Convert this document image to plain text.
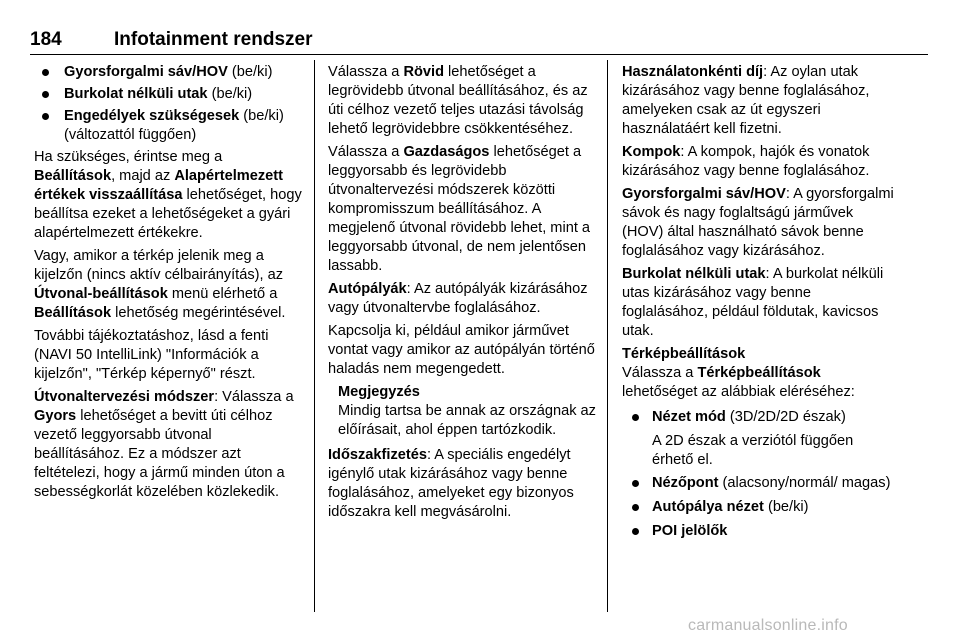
184	Infotainment rendszer
Gyorsforgalmi sáv/HOV (be/ki)
Burkolat nélküli utak (be/ki)
Engedélyek szükségesek (be/ki) (változattól függően)

Ha szükséges, érintse meg a Beállítások, majd az Alapértelmezett értékek visszaállítása lehetőséget, hogy beállítsa ezeket a lehetőségeket a gyári alapértelmezett értékekre.

Vagy, amikor a térkép jelenik meg a kijelzőn (nincs aktív célbairányítás), az Útvonal-beállítások menü elérhető a Beállítások lehetőség megérintésével.

További tájékoztatáshoz, lásd a fenti (NAVI 50 IntelliLink) "Információk a kijelzőn", "Térkép képernyő" részt.

Útvonaltervezési módszer: Válassza a Gyors lehetőséget a bevitt úti célhoz vezető leggyorsabb útvonal beállításához. Ez a módszer azt feltételezi, hogy a jármű minden úton a sebességkorlát közelében közlekedik.

Válassza a Rövid lehetőséget a legrövidebb útvonal beállításához, és az úti célhoz vezető teljes utazási távolság lehető legrövidebbre csökkentéséhez.

Válassza a Gazdaságos lehetőséget a leggyorsabb és legrövidebb útvonaltervezési módszerek közötti kompromisszum beállításához. A megjelenő útvonal rövidebb lehet, mint a leggyorsabb útvonal, de nem jelentősen lassabb.

Autópályák: Az autópályák kizárásához vagy útvonaltervbe foglalásához.

Kapcsolja ki, például amikor járművet vontat vagy amikor az autópályán történő haladás nem megengedett.

Megjegyzés
Mindig tartsa be annak az országnak az előírásait, ahol éppen tartózkodik.

Időszakfizetés: A speciális engedélyt igénylő utak kizárásához vagy benne foglalásához, amelyeket egy bizonyos időszakra kell megvásárolni.

Használatonkénti díj: Az oylan utak kizárásához vagy benne foglalásához, amelyeken csak az út egyszeri használatáért kell fizetni.

Kompok: A kompok, hajók és vonatok kizárásához vagy benne foglalásához.

Gyorsforgalmi sáv/HOV: A gyorsforgalmi sávok és nagy foglaltságú járművek (HOV) által használható sávok benne foglalásához vagy kizárásához.

Burkolat nélküli utak: A burkolat nélküli utas kizárásához vagy benne foglalásához, például földutak, kavicsos utak.

Térképbeállítások
Válassza a Térképbeállítások lehetőséget az alábbiak eléréséhez:

Nézet mód (3D/2D/2D észak)
A 2D észak a verziótól függően érhető el.
Nézőpont (alacsony/normál/ magas)
Autópálya nézet (be/ki)
POI jelölők
carmanualsonline.info
